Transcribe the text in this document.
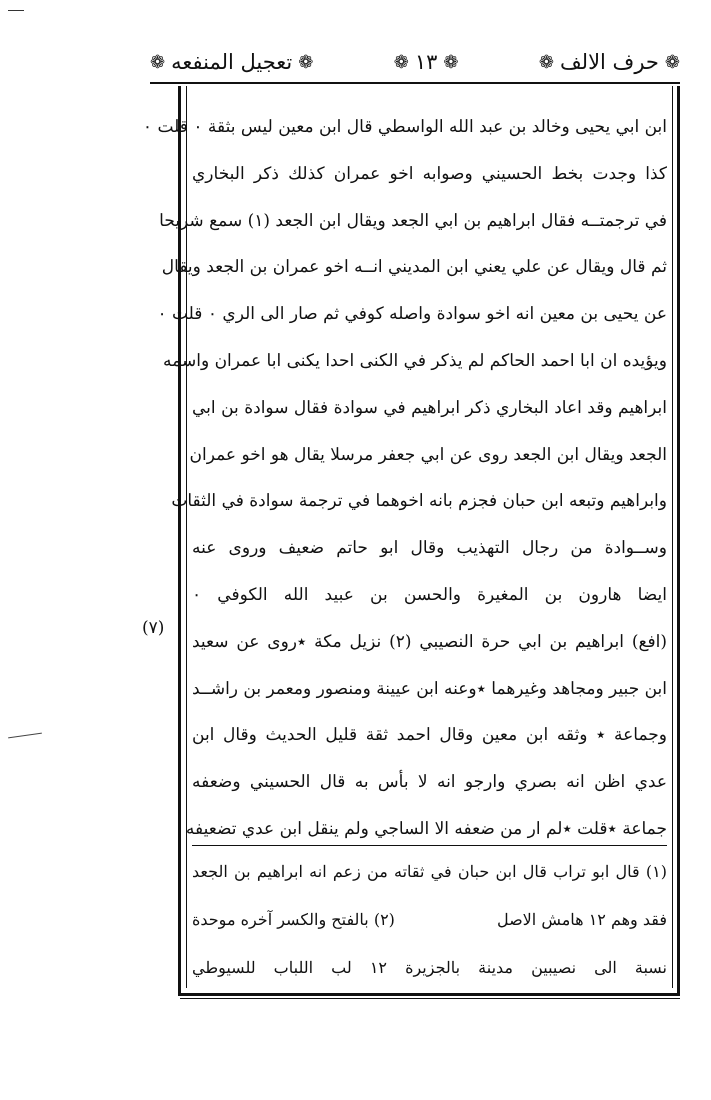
❁
حرف الالف
❁
❁
١٣
❁
❁
تعجيل المنفعه
❁
ابن ابي يحيى وخالد بن عبد الله الواسطي قال ابن معين ليس بثقة ٠ قلت ٠
كذا وجدت بخط الحسيني وصوابه اخو عمران كذلك ذكر البخاري
في ترجمتــه فقال ابراهيم بن ابي الجعد ويقال ابن الجعد (١) سمع شريحا
ثم قال ويقال عن علي يعني ابن المديني انــه اخو عمران بن الجعد ويقال
عن يحيى بن معين انه اخو سوادة واصله كوفي ثم صار الى الري ٠ قلت ٠
ويؤيده ان ابا احمد الحاكم لم يذكر في الكنى احدا يكنى ابا عمران واسمه
ابراهيم وقد اعاد البخاري ذكر ابراهيم في سوادة فقال سوادة بن ابي
الجعد ويقال ابن الجعد روى عن ابي جعفر مرسلا يقال هو اخو عمران
وابراهيم وتبعه ابن حبان فجزم بانه اخوهما في ترجمة سوادة في الثقات
وســوادة من رجال التهذيب وقال ابو حاتم ضعيف وروى عنه
ايضا هارون بن المغيرة والحسن بن عبيد الله الكوفي ٠
(افع) ابراهيم بن ابي حرة النصيبي (٢) نزيل مكة ٭روى عن سعيد
ابن جبير ومجاهد وغيرهما ٭وعنه ابن عيينة ومنصور ومعمر بن راشــد
وجماعة ٭ وثقه ابن معين وقال احمد ثقة قليل الحديث وقال ابن
عدي اظن انه بصري وارجو انه لا بأس به قال الحسيني وضعفه
جماعة ٭قلت ٭لم ار من ضعفه الا الساجي ولم ينقل ابن عدي تضعيفه
(٧)
(١) قال ابو تراب قال ابن حبان في ثقاته من زعم انه ابراهيم بن الجعد
فقد وهم ١٢ هامش الاصل
(٢) بالفتح والكسر آخره موحدة
نسبة الى نصيبين مدينة بالجزيرة ١٢ لب اللباب للسيوطي
